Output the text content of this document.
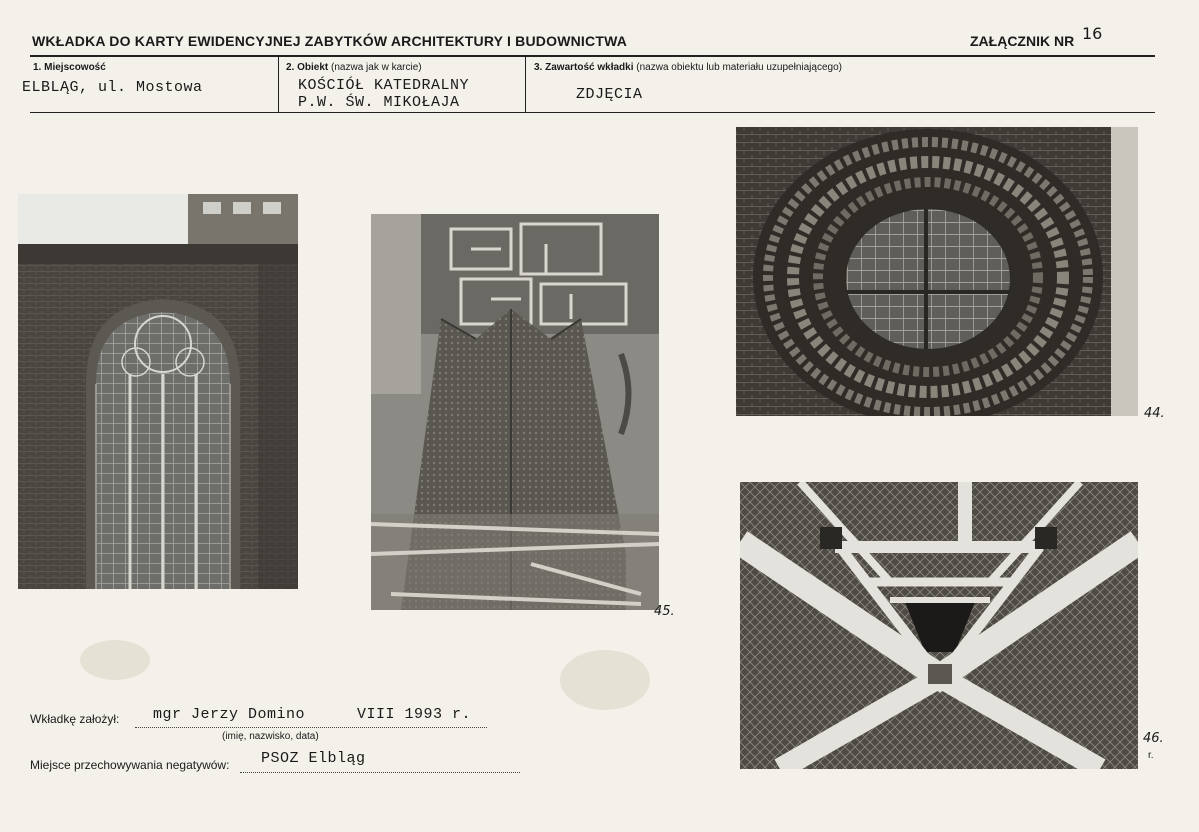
WKŁADKA DO KARTY EWIDENCYJNEJ ZABYTKÓW ARCHITEKTURY I BUDOWNICTWA	ZAŁĄCZNIK NR 16
1. Miejscowość
ELBLĄG, ul. Mostowa
2. Obiekt (nazwa jak w karcie)
KOŚCIÓŁ KATEDRALNY
P.W. ŚW. MIKOŁAJA
3. Zawartość wkładki (nazwa obiektu lub materiału uzupełniającego)
ZDJĘCIA
45.
44.
46.
r.
Wkładkę założył: mgr Jerzy Domino	VIII 1993 r.
(imię, nazwisko, data)
Miejsce przechowywania negatywów: PSOZ Elbląg
